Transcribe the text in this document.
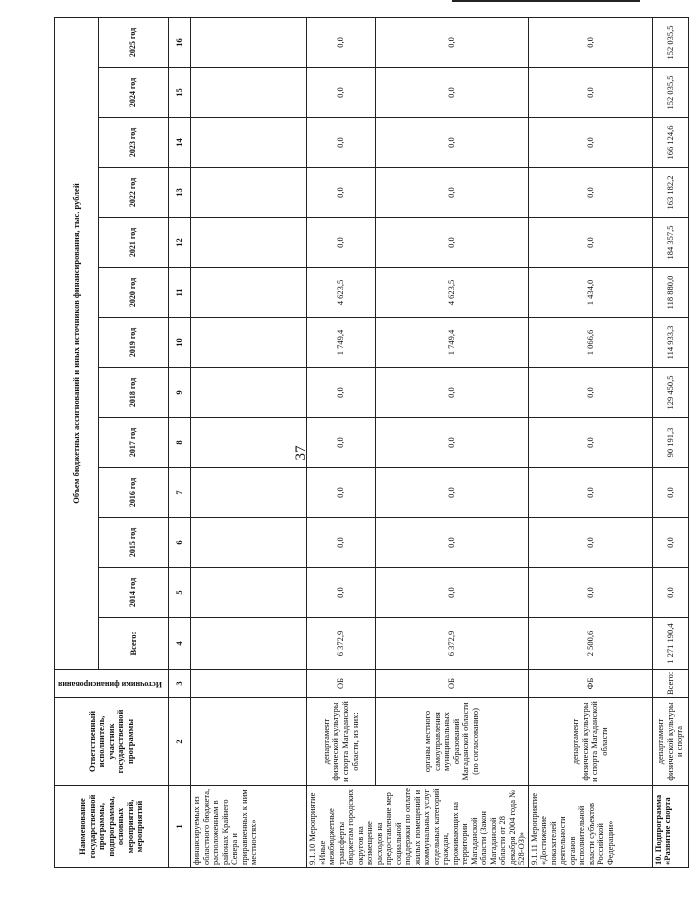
37
Наименование государственной программы, подпрограммы, основных мероприятий, мероприятий	Ответственный исполнитель, участник государственной программы	Источники финансирования	Объем бюджетных ассигнований и иных источников финансирования, тыс. рублей												
			Всего:	2014 год	2015 год	2016 год	2017 год	2018 год	2019 год	2020 год	2021 год	2022 год	2023 год	2024 год	2025 год
1	2	3	4	5	6	7	8	9	10	11	12	13	14	15	16
финансируемых из областного бюджета, расположенным в районах Крайнего Севера и приравненных к ним местностях»															
9.1.10 Мероприятие «Иные межбюджетные трансферты бюджетам городских округов на возмещение расходов на предоставление мер социальной поддержки по оплате жилых помещений и коммунальных услуг отдельных категорий граждан, проживающих на территории Магаданской области (Закон Магаданской области от 28 декабря 2004 года № 528-ОЗ)»	департамент физической культуры и спорта Магаданской области, из них:	ОБ	6 372,9	0,0	0,0	0,0	0,0	0,0	1 749,4	4 623,5	0,0	0,0	0,0	0,0	0,0
	органы местного самоуправления муниципальных образований Магаданской области (по согласованию)	ОБ	6 372,9	0,0	0,0	0,0	0,0	0,0	1 749,4	4 623,5	0,0	0,0	0,0	0,0	0,0
9.1.11 Мероприятие «Достижение показателей деятельности органов исполнительной власти субъектов Российской Федерации»	департамент физической культуры и спорта Магаданской области	ФБ	2 500,6	0,0	0,0	0,0	0,0	0,0	1 066,6	1 434,0	0,0	0,0	0,0	0,0	0,0
10. Подпрограмма «Развитие спорта	департамент физической культуры и спорта	Всего:	1 271 190,4	0,0	0,0	0,0	90 191,3	129 450,5	114 933,3	118 880,0	184 357,5	163 182,2	166 124,6	152 035,5	152 035,5
